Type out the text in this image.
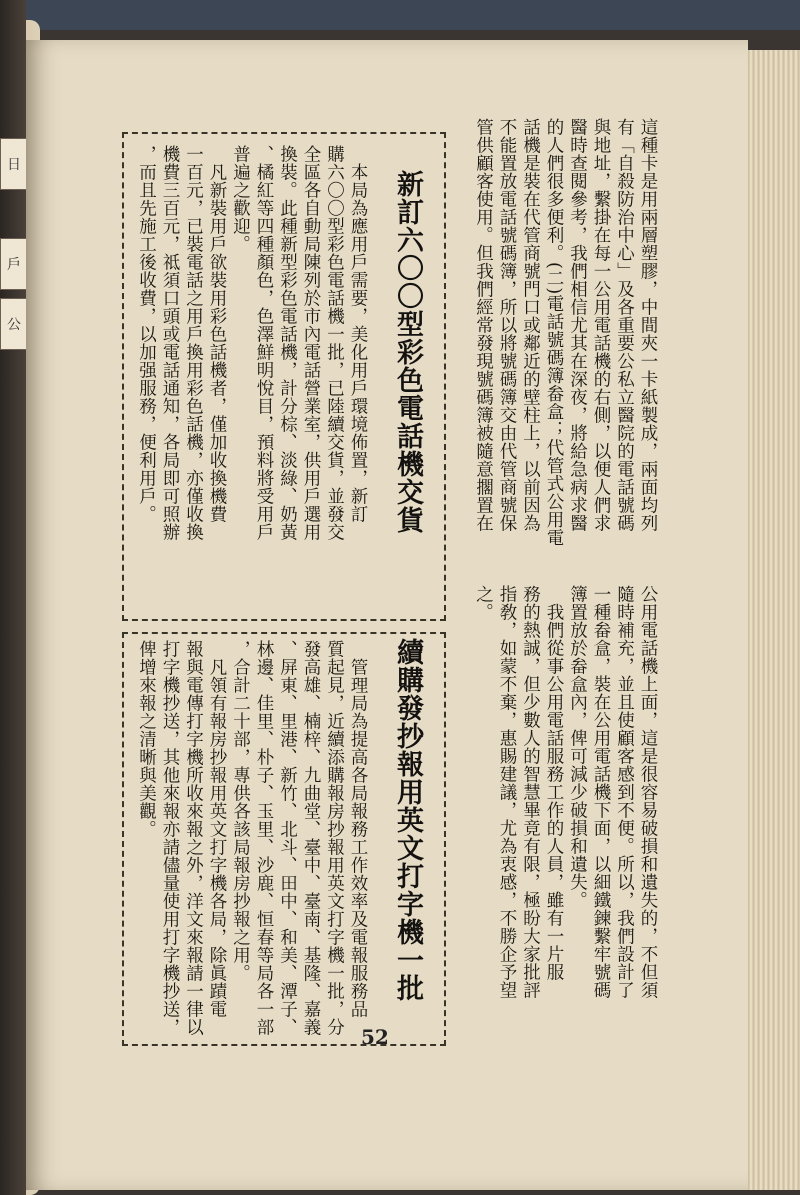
日
戶
公	這種卡是用兩層塑膠，中間夾一卡紙製成，兩面均列
有「自殺防治中心」及各重要公私立醫院的電話號碼
與地址，繫掛在每一公用電話機的右側，以便人們求
醫時查閱參考，我們相信尤其在深夜，將給急病求醫
的人們很多便利。(二)電話號碼簿畚盒；代管式公用電
話機是裝在代管商號門口或鄰近的壁柱上，以前因為
不能置放電話號碼簿，所以將號碼簿交由代管商號保
管供顧客使用。但我們經常發現號碼簿被隨意擱置在
公用電話機上面，這是很容易破損和遺失的，不但須
隨時補充，並且使顧客感到不便。所以，我們設計了
一種畚盒，裝在公用電話機下面，以細鐵鍊繫牢號碼
簿置放於畚盒內，俾可減少破損和遺失。
　我們從事公用電話服務工作的人員，雖有一片服
務的熱誠，但少數人的智慧畢竟有限，極盼大家批評
指敎，如蒙不棄，惠賜建議，尤為衷感，不勝企予望
之。
新訂六〇〇型彩色電話機交貨
　本局為應用戶需要，美化用戶環境佈置，新訂
購六〇〇型彩色電話機一批，已陸續交貨，並發交
全區各自動局陳列於市內電話營業室，供用戶選用
換裝。此種新型彩色電話機，計分棕、淡綠、奶黃
、橘紅等四種顏色，色澤鮮明悅目，預料將受用戶
普遍之歡迎。
　凡新裝用戶欲裝用彩色話機者，僅加收換機費
一百元，已裝電話之用戶換用彩色話機，亦僅收換
機費三百元，祗須口頭或電話通知，各局即可照辦
，而且先施工後收費，以加强服務，便利用戶。
續購發抄報用英文打字機一批
　管理局為提高各局報務工作效率及電報服務品
質起見，近續添購報房抄報用英文打字機一批，分
發高雄、楠梓、九曲堂、臺中、臺南、基隆、嘉義
、屏東、里港、新竹、北斗、田中、和美、潭子、
林邊、佳里、朴子、玉里、沙鹿、恒春等局各一部
，合計二十部，專供各該局報房抄報之用。
　凡領有報房抄報用英文打字機各局，除眞蹟電
報與電傳打字機所收來報之外，洋文來報請一律以
打字機抄送，其他來報亦請儘量使用打字機抄送，
俾增來報之清晰與美觀。
52
